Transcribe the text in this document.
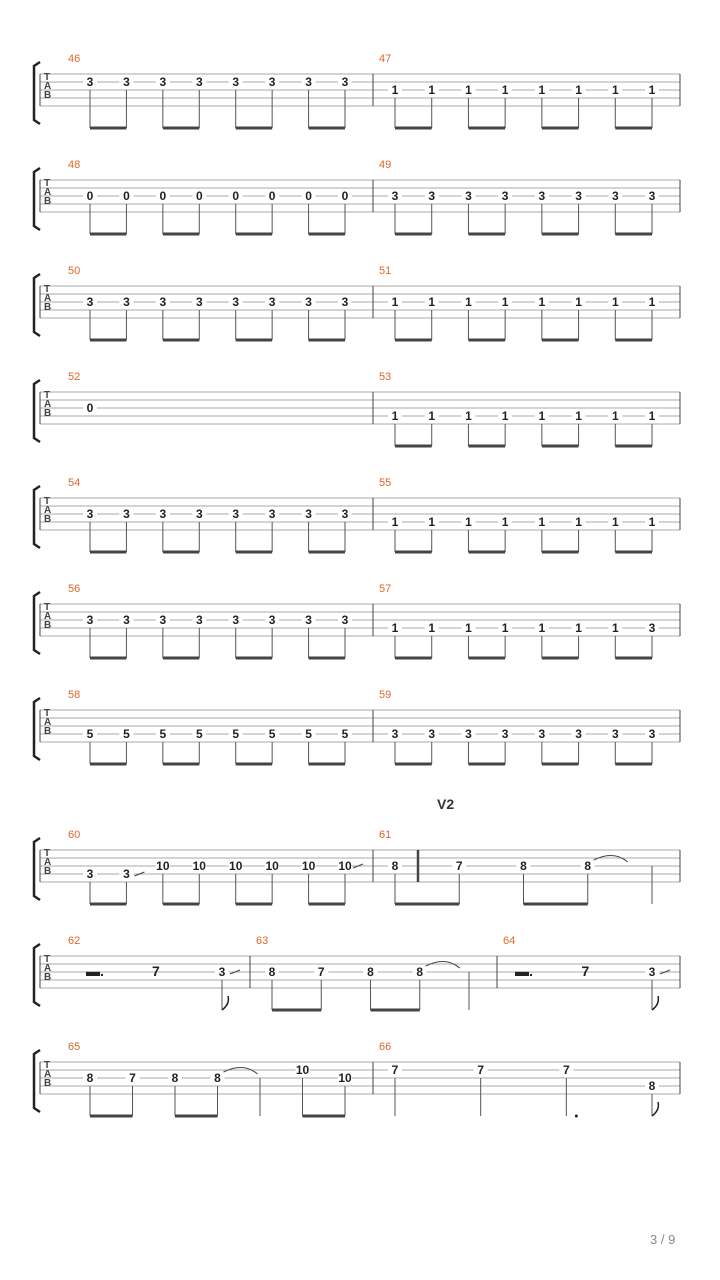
T
A
B
46
3 3 3 3 3 3 3 3
47
1	1	1	1	1	1	1	1
T
A
B
48
0 0 0 0 0 0 0 0
49
3	3	3	3	3	3	3	3
T
A
B
50
3 3 3 3 3 3 3 3
51
1	1	1	1	1	1	1	1
T
A
B
52
0
53
1	1	1	1	1	1	1	1
T
A
B
54
3 3 3 3 3 3 3 3
55
1	1	1	1	1	1	1	1
T
A
B
56
3 3 3 3 3 3 3 3
57
1	1	1	1	1	1	1	3
T
A
B
58
5 5 5 5 5 5 5 5
59
3	3	3	3	3	3	3	3
T
A
B
60
3 3
10 10 10 10 10 10
61
8	7	8	8
T
A
B
62
▬.	7	3
63
8	7	8	8
64
▬.	7	3
T
A
B
65
8	7	8	8
10
10
66
7	7	7
8
V2
3 / 9
